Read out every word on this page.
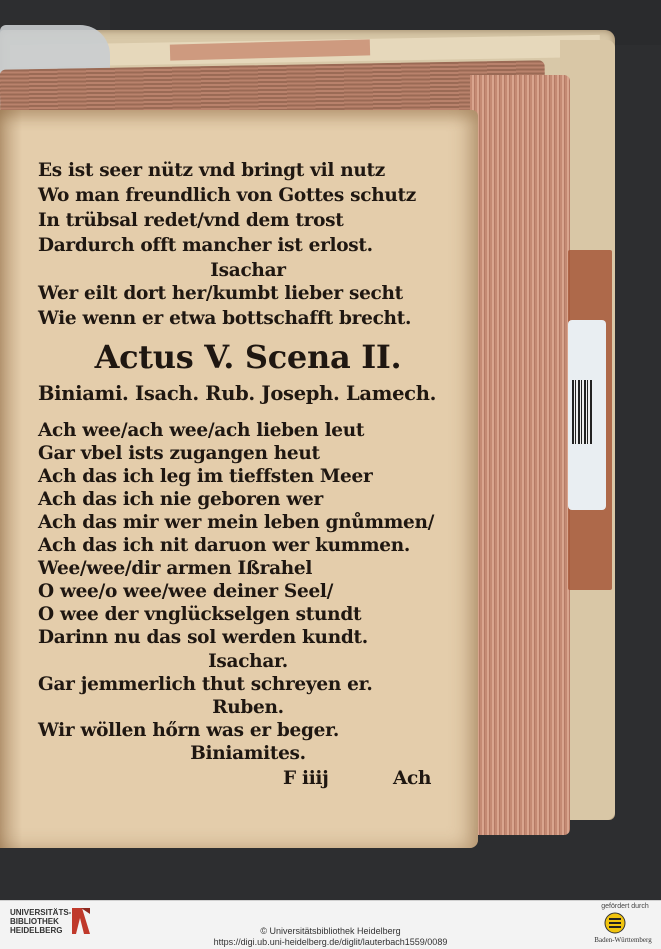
Es ist seer nütz vnd bringt vil nutz
Wo man freundlich von Gottes schutz
In trübsal redet/vnd dem trost
Dardurch offt mancher ist erlost.
Isachar
Wer eilt dort her/kumbt lieber secht
Wie wenn er etwa bottschafft brecht.
Actus V. Scena II.
Biniami. Isach. Rub. Joseph. Lamech.
Ach wee/ach wee/ach lieben leut
Gar vbel ists zugangen heut
Ach das ich leg im tieffsten Meer
Ach das ich nie geboren wer
Ach das mir wer mein leben gnůmmen/
Ach das ich nit daruon wer kummen.
Wee/wee/dir armen Ißrahel
O wee/o wee/wee deiner Seel/
O wee der vnglückselgen stundt
Darinn nu das sol werden kundt.
Isachar.
Gar jemmerlich thut schreyen er.
Ruben.
Wir wöllen hőrn was er beger.
Biniamites.
F iiij	Ach
UNIVERSITÄTS-
BIBLIOTHEK
HEIDELBERG	© Universitätsbibliothek Heidelberg
https://digi.ub.uni-heidelberg.de/diglit/lauterbach1559/0089
gefördert durch
Baden-Württemberg
